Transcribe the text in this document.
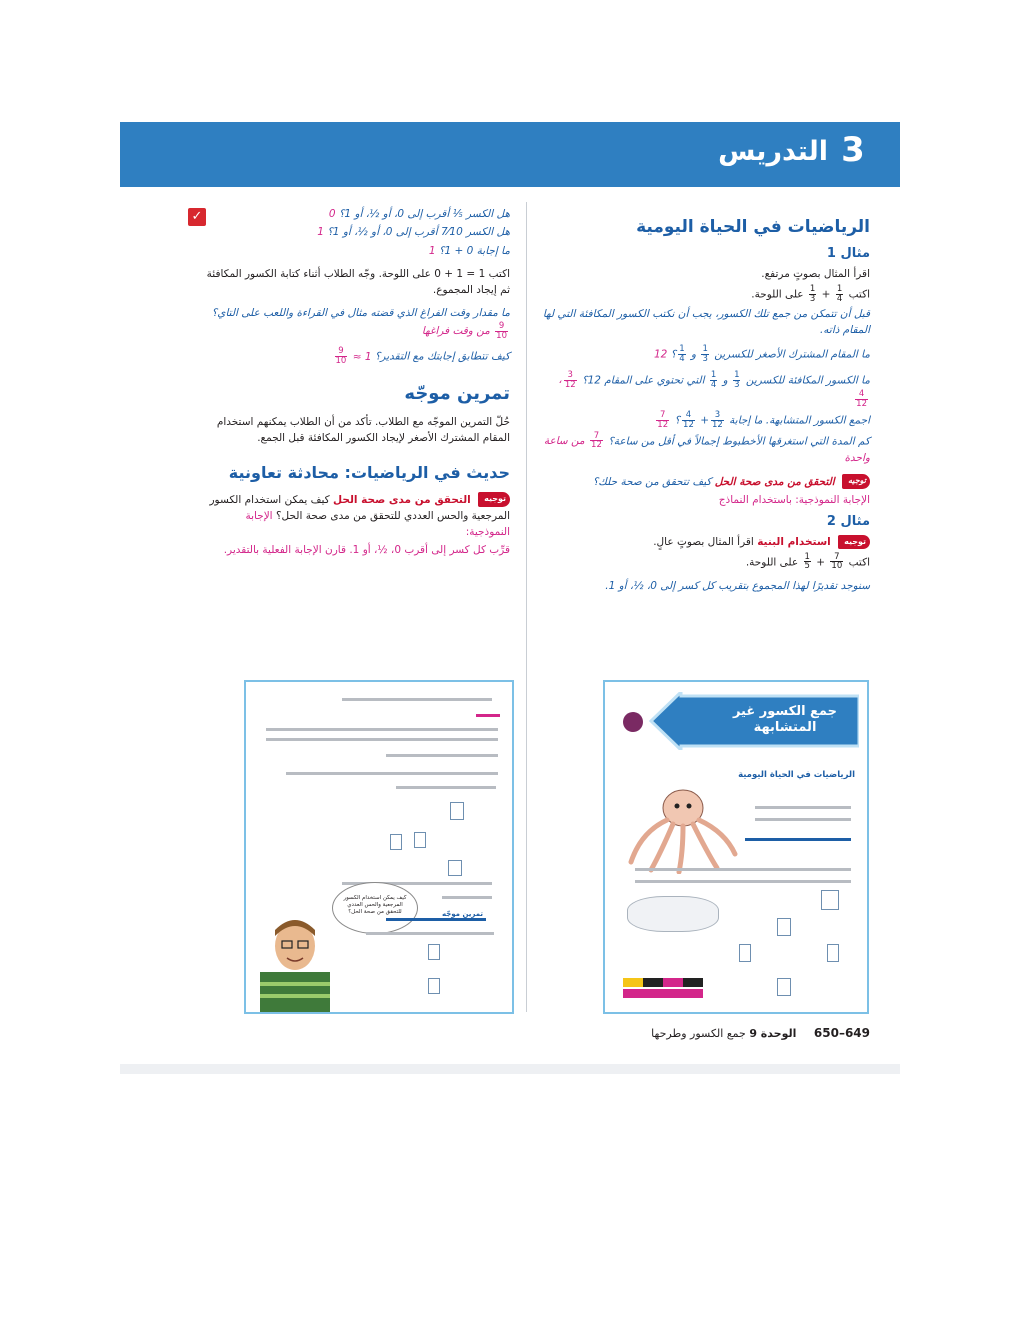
التدريس 3
الرياضيات في الحياة اليومية
مثال 1
اقرأ المثال بصوتٍ مرتفع.
اكتب
$\frac{1}{4}$
+
$\frac{1}{3}$
على اللوحة.
قبل أن تتمكن من جمع تلك الكسور، يجب أن نكتب الكسور المكافئة التي لها المقام ذاته.
ما المقام المشترك الأصغر للكسرين
$\frac{1}{3}$
و
$\frac{1}{4}$
؟ 12
ما الكسور المكافئة للكسرين
$\frac{1}{3}$
و
$\frac{1}{4}$
التي تحتوي على المقام 12؟
$\frac{3}{12}$
،
$\frac{4}{12}$
اجمع الكسور المتشابهة. ما إجابة
$\frac{3}{12}$
+
$\frac{4}{12}$
؟
$\frac{7}{12}$
كم المدة التي استغرقها الأخطبوط إجمالاً في أقل من ساعة؟
$\frac{7}{12}$
من ساعة واحدة
توجيه التحقق من مدى صحة الحل كيف تتحقق من صحة حلك؟
الإجابة النموذجية: باستخدام النماذج
مثال 2
توجيه استخدام البنية اقرأ المثال بصوتٍ عالٍ.
اكتب
$\frac{7}{10}$
+
$\frac{1}{5}$
على اللوحة.
سنوجد تقديرًا لهذا المجموع بتقريب كل كسر إلى 0، ½، أو 1.
✓	هل الكسر ⅕ أقرب إلى 0، أو ½، أو 1؟ 0
هل الكسر 7⁄10 أقرب إلى 0، أو ½، أو 1؟ 1
ما إجابة 0 + 1؟ 1
اكتب 1 = 1 + 0 على اللوحة. وجّه الطلاب أثناء كتابة الكسور المكافئة ثم إيجاد المجموع.
ما مقدار وقت الفراغ الذي قضته مثال في القراءة واللعب على التاي؟
$\frac{9}{10}$
من وقت فراغها
كيف تتطابق إجابتك مع التقدير؟ 1 ≈
$\frac{9}{10}$
تمرين موجّه
حُلّ التمرين الموجّه مع الطلاب. تأكد من أن الطلاب يمكنهم استخدام المقام المشترك الأصغر لإيجاد الكسور المكافئة قبل الجمع.
حديث في الرياضيات: محادثة تعاونية
توجيه التحقق من مدى صحة الحل كيف يمكن استخدام الكسور المرجعية والحس العددي للتحقق من مدى صحة الحل؟ الإجابة النموذجية:
قرِّب كل كسر إلى أقرب 0، ½، أو 1. قارن الإجابة الفعلية بالتقدير.
كيف يمكن استخدام الكسور المرجعية والحس العددي للتحقق من صحة الحل؟	تمرين موجّه
جمع الكسور غير المتشابهة
الرياضيات في الحياة اليومية
649–650 الوحدة 9 جمع الكسور وطرحها
